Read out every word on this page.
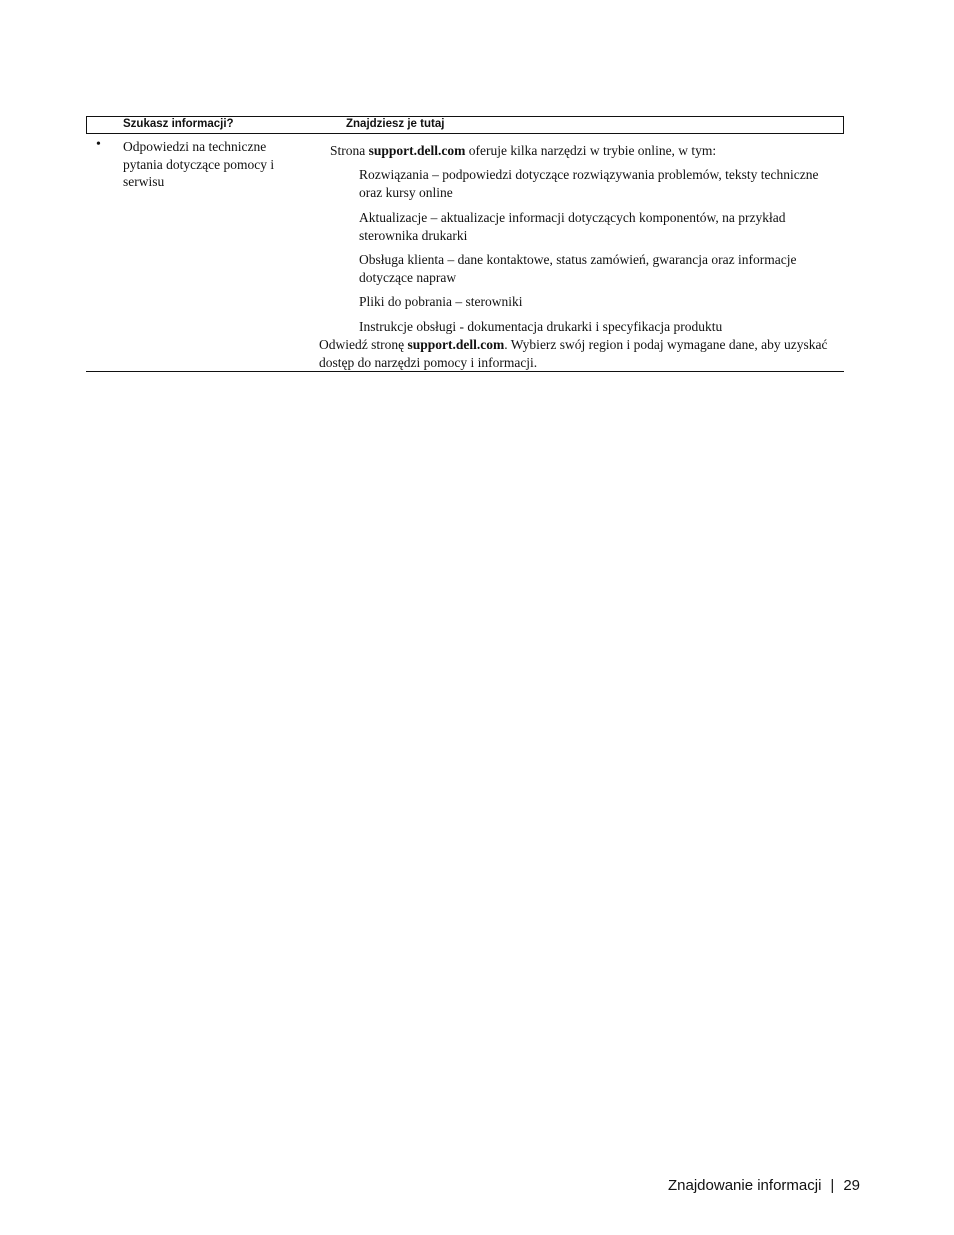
Szukasz informacji?	Znajdziesz je tutaj
• Odpowiedzi na techniczne pytania dotyczące pomocy i serwisu
Strona support.dell.com oferuje kilka narzędzi w trybie online, w tym:
Rozwiązania – podpowiedzi dotyczące rozwiązywania problemów, teksty techniczne oraz kursy online
Aktualizacje – aktualizacje informacji dotyczących komponentów, na przykład sterownika drukarki
Obsługa klienta – dane kontaktowe, status zamówień, gwarancja oraz informacje dotyczące napraw
Pliki do pobrania – sterowniki
Instrukcje obsługi - dokumentacja drukarki i specyfikacja produktu
Odwiedź stronę support.dell.com. Wybierz swój region i podaj wymagane dane, aby uzyskać dostęp do narzędzi pomocy i informacji.
Znajdowanie informacji | 29
